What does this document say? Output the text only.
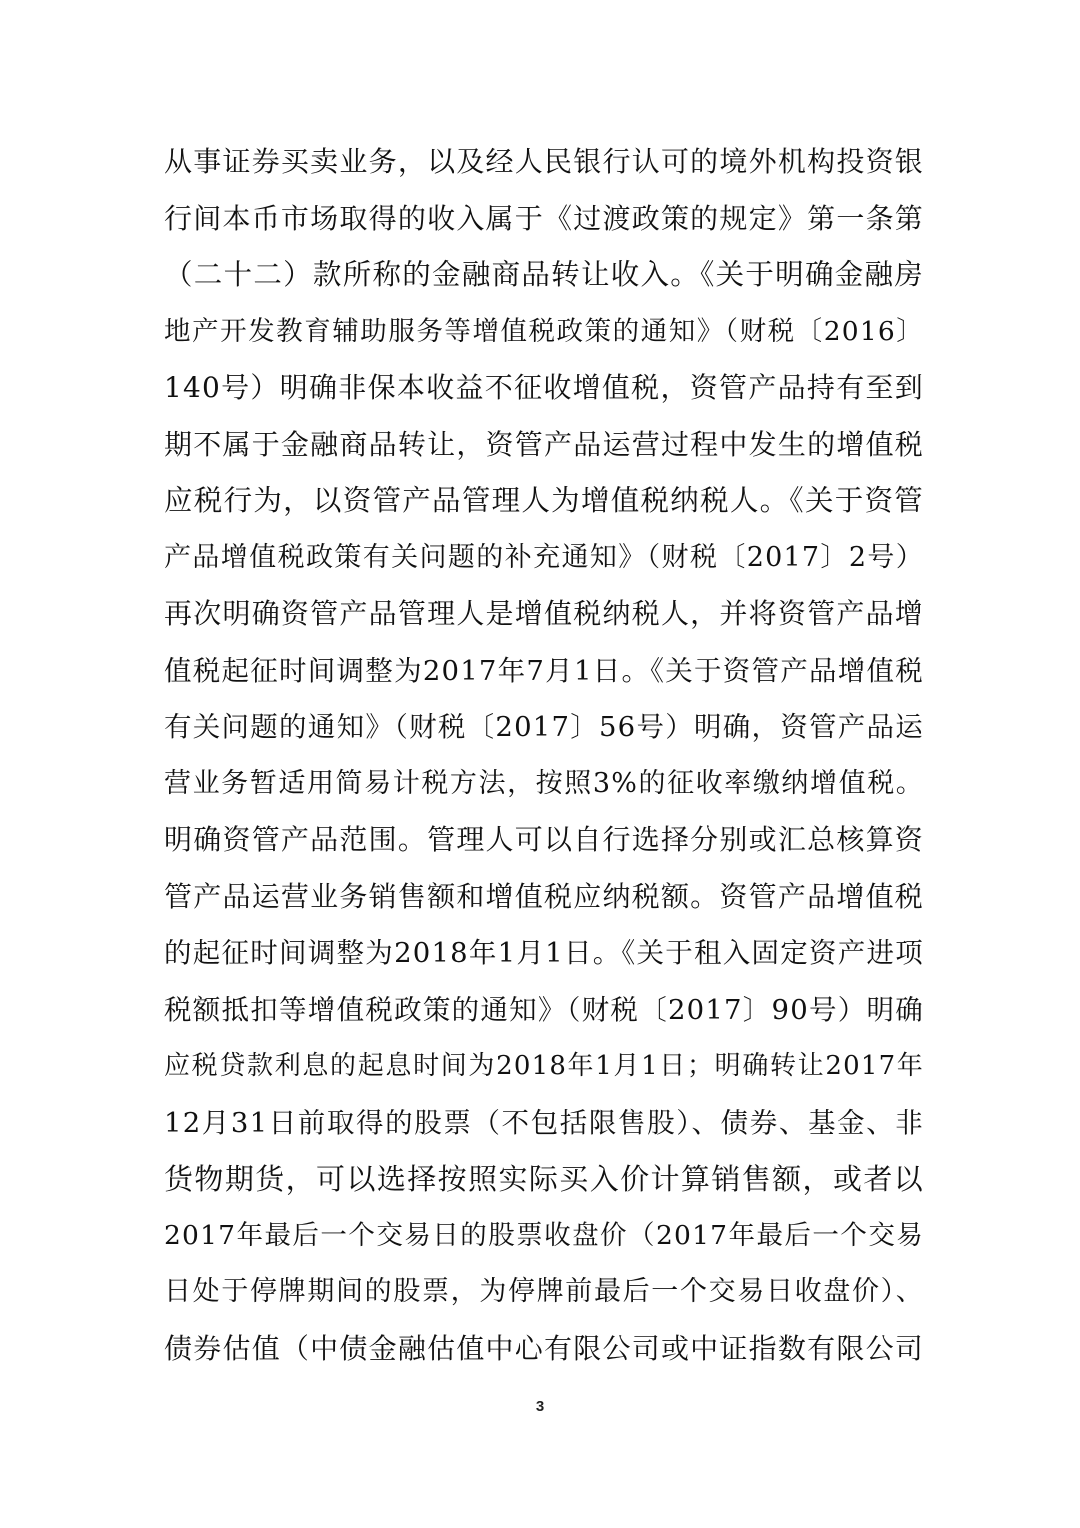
从事证券买卖业务，以及经人民银行认可的境外机构投资银
行间本币市场取得的收入属于《过渡政策的规定》第一条第
（二十二）款所称的金融商品转让收入。《关于明确金融房
地产开发教育辅助服务等增值税政策的通知》（财税〔2016〕
140号）明确非保本收益不征收增值税，资管产品持有至到
期不属于金融商品转让，资管产品运营过程中发生的增值税
应税行为，以资管产品管理人为增值税纳税人。《关于资管
产品增值税政策有关问题的补充通知》（财税〔2017〕2号）
再次明确资管产品管理人是增值税纳税人，并将资管产品增
值税起征时间调整为2017年7月1日。《关于资管产品增值税
有关问题的通知》（财税〔2017〕56号）明确，资管产品运
营业务暂适用简易计税方法，按照3%的征收率缴纳增值税。
明确资管产品范围。管理人可以自行选择分别或汇总核算资
管产品运营业务销售额和增值税应纳税额。资管产品增值税
的起征时间调整为2018年1月1日。《关于租入固定资产进项
税额抵扣等增值税政策的通知》（财税〔2017〕90号）明确
应税贷款利息的起息时间为2018年1月1日；明确转让2017年
12月31日前取得的股票（不包括限售股）、债券、基金、非
货物期货，可以选择按照实际买入价计算销售额，或者以
2017年最后一个交易日的股票收盘价（2017年最后一个交易
日处于停牌期间的股票，为停牌前最后一个交易日收盘价）、
债券估值（中债金融估值中心有限公司或中证指数有限公司
3
